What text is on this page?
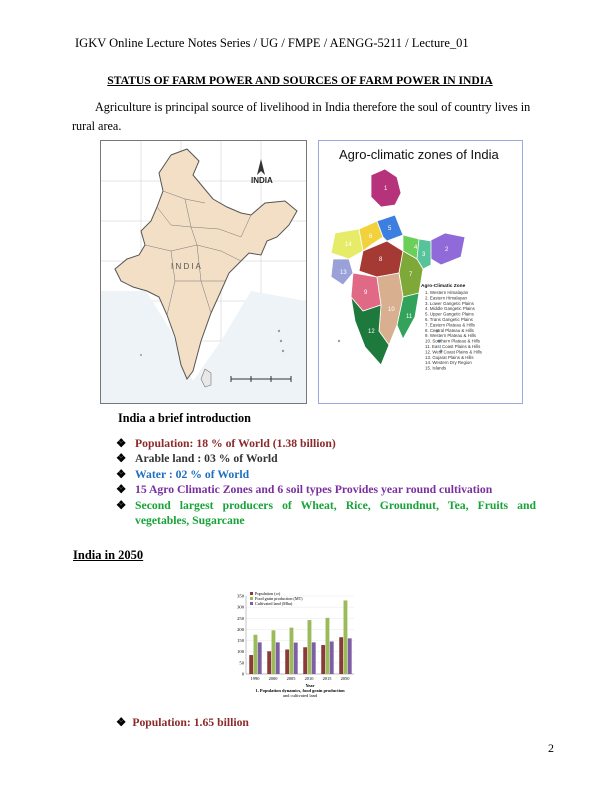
IGKV Online Lecture Notes Series / UG / FMPE / AENGG-5211 / Lecture_01
STATUS OF FARM POWER AND SOURCES OF FARM POWER IN INDIA
Agriculture is principal source of livelihood in India therefore the soul of country lives in
rural area.
INDIA
I N D I A
Agro-climatic zones of India
1
2
3
4
5
6
7
8
9
10
11
12
13
14
Agro-Climatic Zone
1. Western Himalayan
2. Eastern Himalayan
3. Lower Gangetic Plains
4. Middle Gangetic Plains
5. Upper Gangetic Plains
6. Trans Gangetic Plains
7. Eastern Plateau & Hills
8. Central Plateau & Hills
9. Western Plateau & Hills
10. Southern Plateau & Hills
11. East Coast Plains & Hills
12. West Coast Plains & Hills
13. Gujarat Plains & Hills
14. Western Dry Region
15. Islands
India a brief introduction
❖ Population: 18 % of World (1.38 billion)
❖ Arable land : 03 % of World
❖ Water : 02 % of World
❖ 15 Agro Climatic Zones and 6 soil types Provides year round cultivation
❖ Second largest producers of Wheat, Rice, Groundnut, Tea, Fruits and vegetables, Sugarcane
India in 2050
0
50
100
150
200
250
300
350
1990 2000 2005 2010 2015 2050
Population (cr)
Food grain production (MT)
Cultivated land (Mha)
Year
1. Population dynamics, food grain production
and cultivated land
❖  Population: 1.65 billion
2
